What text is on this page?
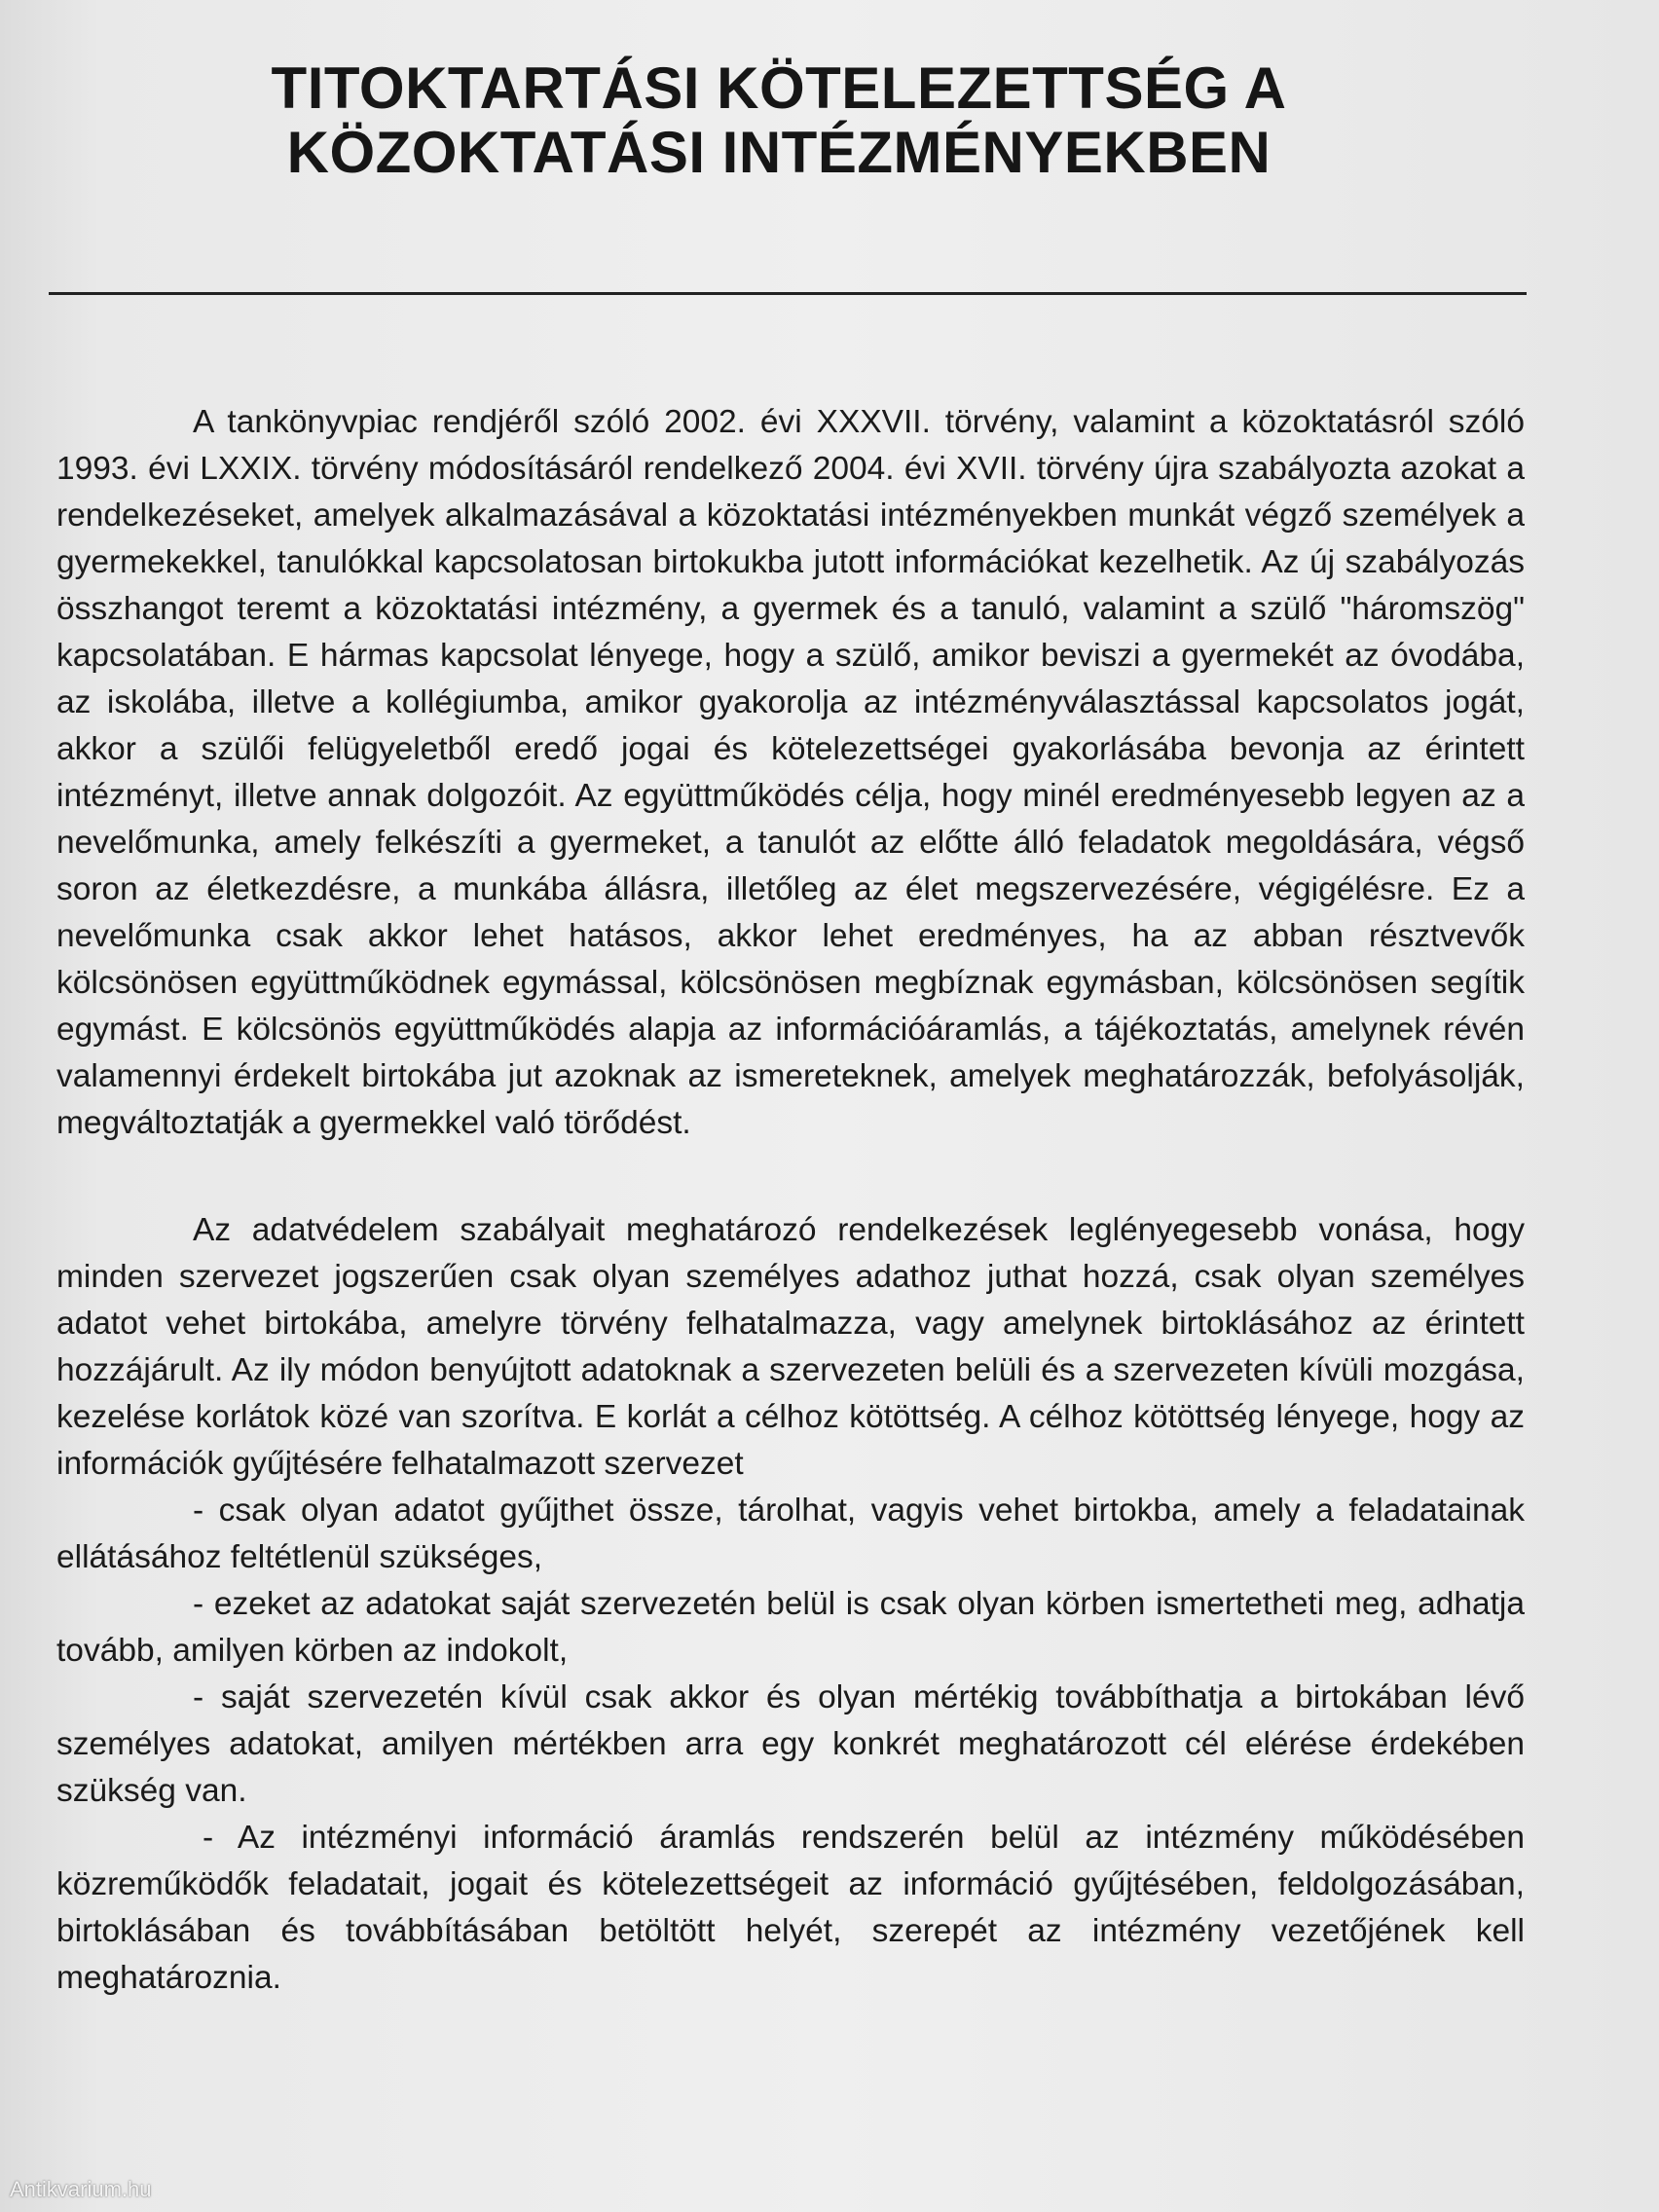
TITOKTARTÁSI KÖTELEZETTSÉG A
KÖZOKTATÁSI INTÉZMÉNYEKBEN

A tankönyvpiac rendjéről szóló 2002. évi XXXVII. törvény, valamint a közoktatásról szóló 1993. évi LXXIX. törvény módosításáról rendelkező 2004. évi XVII. törvény újra szabályozta azokat a rendelkezéseket, amelyek alkalmazásával a közoktatási intézményekben munkát végző személyek a gyermekekkel, tanulókkal kapcsolatosan birtokukba jutott információkat kezelhetik. Az új szabályozás összhangot teremt a közoktatási intézmény, a gyermek és a tanuló, valamint a szülő "háromszög" kapcsolatában. E hármas kapcsolat lényege, hogy a szülő, amikor beviszi a gyermekét az óvodába, az iskolába, illetve a kollégiumba, amikor gyakorolja az intézményválasztással kapcsolatos jogát, akkor a szülői felügyeletből eredő jogai és kötelezettségei gyakorlásába bevonja az érintett intézményt, illetve annak dolgozóit. Az együttműködés célja, hogy minél eredményesebb legyen az a nevelőmunka, amely felkészíti a gyermeket, a tanulót az előtte álló feladatok megoldására, végső soron az életkezdésre, a munkába állásra, illetőleg az élet megszervezésére, végigélésre. Ez a nevelőmunka csak akkor lehet hatásos, akkor lehet eredményes, ha az abban résztvevők kölcsönösen együttműködnek egymással, kölcsönösen megbíznak egymásban, kölcsönösen segítik egymást. E kölcsönös együttműködés alapja az információáramlás, a tájékoztatás, amelynek révén valamennyi érdekelt birtokába jut azoknak az ismereteknek, amelyek meghatározzák, befolyásolják, megváltoztatják a gyermekkel való törődést.

Az adatvédelem szabályait meghatározó rendelkezések leglényegesebb vonása, hogy minden szervezet jogszerűen csak olyan személyes adathoz juthat hozzá, csak olyan személyes adatot vehet birtokába, amelyre törvény felhatalmazza, vagy amelynek birtoklásához az érintett hozzájárult. Az ily módon benyújtott adatoknak a szervezeten belüli és a szervezeten kívüli mozgása, kezelése korlátok közé van szorítva. E korlát a célhoz kötöttség. A célhoz kötöttség lényege, hogy az információk gyűjtésére felhatalmazott szervezet

- csak olyan adatot gyűjthet össze, tárolhat, vagyis vehet birtokba, amely a feladatainak ellátásához feltétlenül szükséges,

- ezeket az adatokat saját szervezetén belül is csak olyan körben ismertetheti meg, adhatja tovább, amilyen körben az indokolt,

- saját szervezetén kívül csak akkor és olyan mértékig továbbíthatja a birtokában lévő személyes adatokat, amilyen mértékben arra egy konkrét meghatározott cél elérése érdekében szükség van.

- Az intézményi információ áramlás rendszerén belül az intézmény működésében közreműködők feladatait, jogait és kötelezettségeit az információ gyűjtésében, feldolgozásában, birtoklásában és továbbításában betöltött helyét, szerepét az intézmény vezetőjének kell meghatároznia.

Antikvarium.hu
